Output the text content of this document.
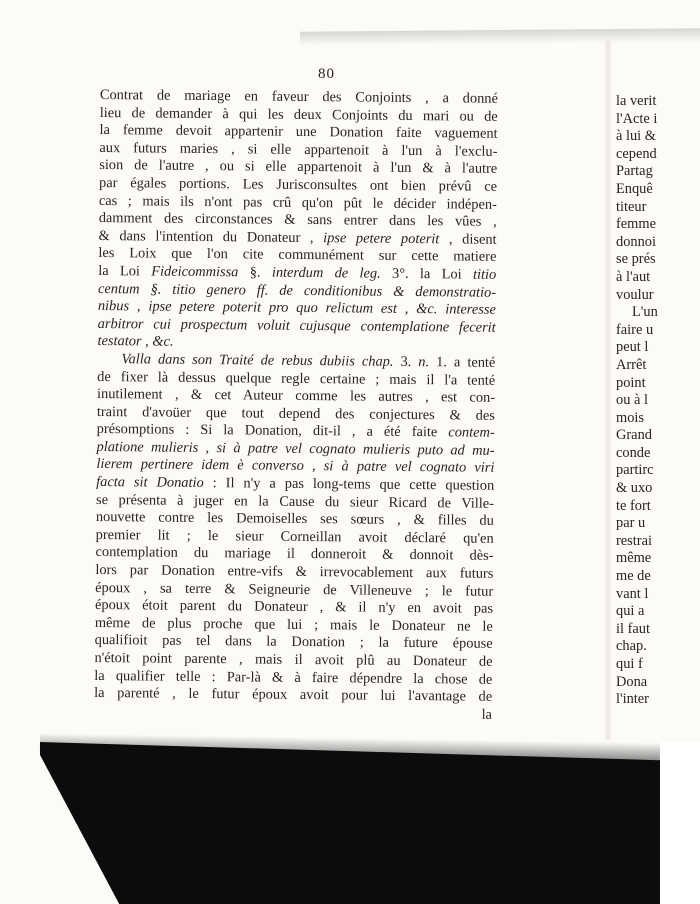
80
Contrat de mariage en faveur des Conjoints , a donné
lieu de demander à qui les deux Conjoints du mari ou de
la femme devoit appartenir une Donation faite vaguement
aux futurs maries , si elle appartenoit à l'un à l'exclu-
sion de l'autre , ou si elle appartenoit à l'un & à l'autre
par égales portions. Les Jurisconsultes ont bien prévû ce
cas ; mais ils n'ont pas crû qu'on pût le décider indépen-
damment des circonstances & sans entrer dans les vûes ,
& dans l'intention du Donateur , ipse petere poterit , disent
les Loix que l'on cite communément sur cette matiere
la Loi Fideicommissa §. interdum de leg. 3°. la Loi titio
centum §. titio genero ff. de conditionibus & demonstratio-
nibus , ipse petere poterit pro quo relictum est , &c. interesse
arbitror cui prospectum voluit cujusque contemplatione fecerit
testator , &c.
Valla dans son Traité de rebus dubiis chap. 3. n. 1. a tenté
de fixer là dessus quelque regle certaine ; mais il l'a tenté
inutilement , & cet Auteur comme les autres , est con-
traint d'avoüer que tout depend des conjectures & des
présomptions : Si la Donation, dit-il , a été faite contem-
platione mulieris , si à patre vel cognato mulieris puto ad mu-
lierem pertinere idem è converso , si à patre vel cognato viri
facta sit Donatio : Il n'y a pas long-tems que cette question
se présenta à juger en la Cause du sieur Ricard de Ville-
nouvette contre les Demoiselles ses sœurs , & filles du
premier lit ; le sieur Corneillan avoit déclaré qu'en
contemplation du mariage il donneroit & donnoit dès-
lors par Donation entre-vifs & irrevocablement aux futurs
époux , sa terre & Seigneurie de Villeneuve ; le futur
époux étoit parent du Donateur , & il n'y en avoit pas
même de plus proche que lui ; mais le Donateur ne le
qualifioit pas tel dans la Donation ; la future épouse
n'étoit point parente , mais il avoit plû au Donateur de
la qualifier telle : Par-là & à faire dépendre la chose de
la parenté , le futur époux avoit pour lui l'avantage de
la
la verit
l'Acte i
à lui &
cepend
Partag
Enquê
titeur
femme
donnoi
se prés
à l'aut
voulur
L'un
faire u
peut l
Arrêt
point
ou à l
mois
Grand
conde
partirc
& uxo
te fort
par u
restrai
même
me de
vant l
qui a
il faut
chap.
qui f
Dona
l'inter
